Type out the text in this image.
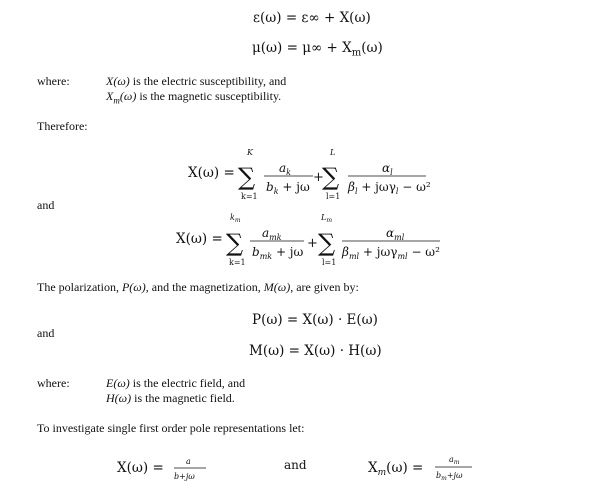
ε(ω) = ε∞ + X(ω)
$\mu(\omega) = \mu\infty + X_m(\omega)$
where:	X(ω) is the electric susceptibility, and
$X_m(\omega)$ is the magnetic susceptibility.
Therefore:
X(ω) =
K
∑
k=1
$a_k$
$b_k + j\omega$
+
L
∑
l=1
$\alpha_l$
$\beta_l + j\omega\gamma_l - \omega^2$
and
X(ω) =
$k_m$
∑
k=1
$a_{mk}$
$b_{mk} + j\omega$
+
$L_m$
∑
l=1
$\alpha_{ml}$
$\beta_{ml} + j\omega\gamma_{ml} - \omega^2$
The polarization, P(ω), and the magnetization, M(ω), are given by:
P(ω) = X(ω) · E(ω)
and
M(ω) = X(ω) · H(ω)
where:	E(ω) is the electric field, and
H(ω) is the magnetic field.
To investigate single first order pole representations let:
X(ω) =	a
b+jω
and	$X_m(\omega)$ =
$a_m$
$b_m+j\omega$
